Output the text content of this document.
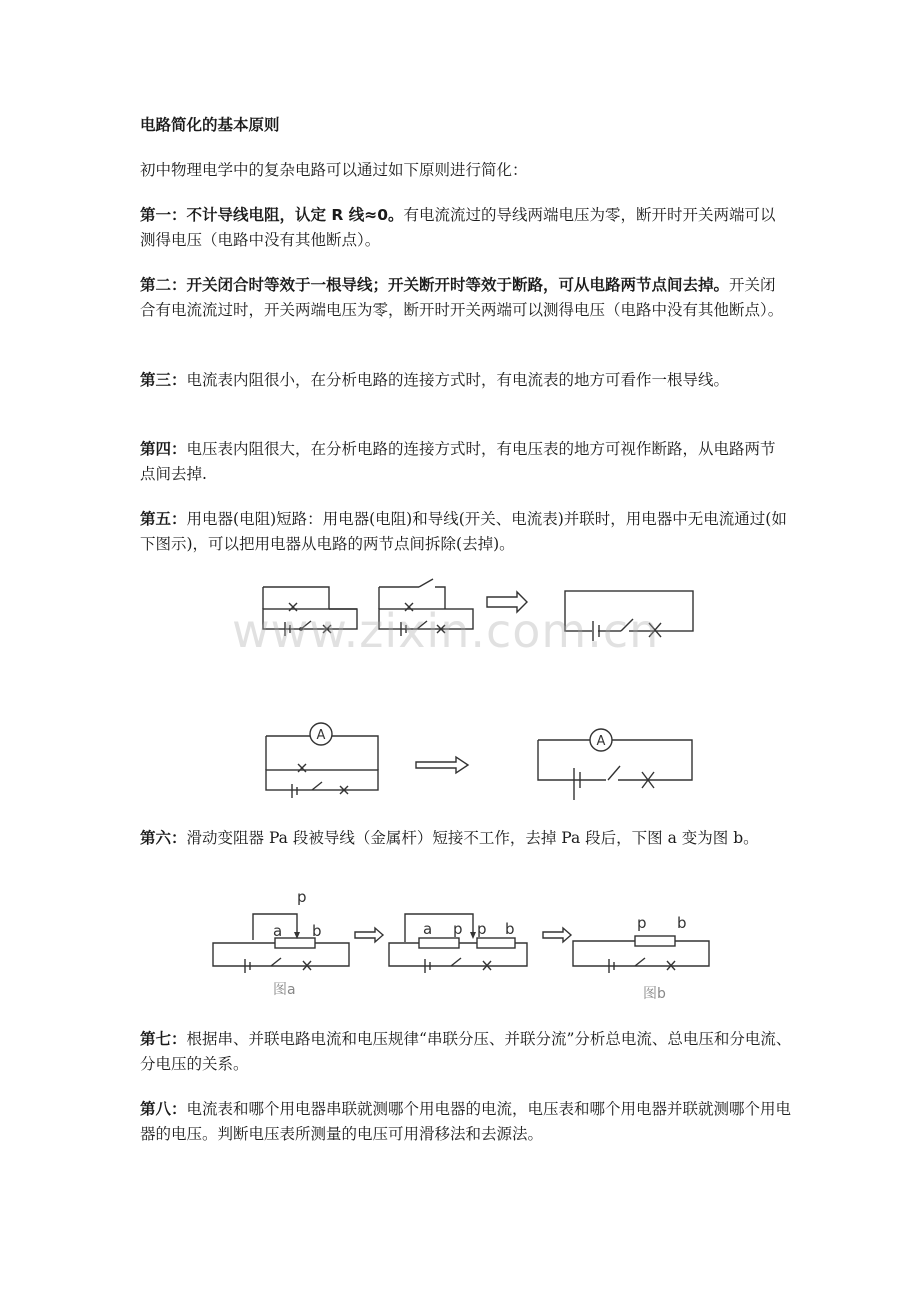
电路简化的基本原则

初中物理电学中的复杂电路可以通过如下原则进行简化：

第一：不计导线电阻，认定 R 线≈0。有电流流过的导线两端电压为零，断开时开关两端可以测得电压（电路中没有其他断点）。

第二：开关闭合时等效于一根导线；开关断开时等效于断路，可从电路两节点间去掉。开关闭合有电流流过时，开关两端电压为零，断开时开关两端可以测得电压（电路中没有其他断点）。

第三：电流表内阻很小，在分析电路的连接方式时，有电流表的地方可看作一根导线。

第四：电压表内阻很大，在分析电路的连接方式时，有电压表的地方可视作断路，从电路两节点间去掉.

第五：用电器(电阻)短路：用电器(电阻)和导线(开关、电流表)并联时，用电器中无电流通过(如下图示)，可以把用电器从电路的两节点间拆除(去掉)。

A	A

第六：滑动变阻器 Pa 段被导线（金属杆）短接不工作，去掉 Pa 段后，下图 a 变为图 b。

p
a b
图a
a p p b	p b
图b

第七：根据串、并联电路电流和电压规律“串联分压、并联分流”分析总电流、总电压和分电流、分电压的关系。

第八：电流表和哪个用电器串联就测哪个用电器的电流，电压表和哪个用电器并联就测哪个用电器的电压。判断电压表所测量的电压可用滑移法和去源法。

www.zixin.com.cn
